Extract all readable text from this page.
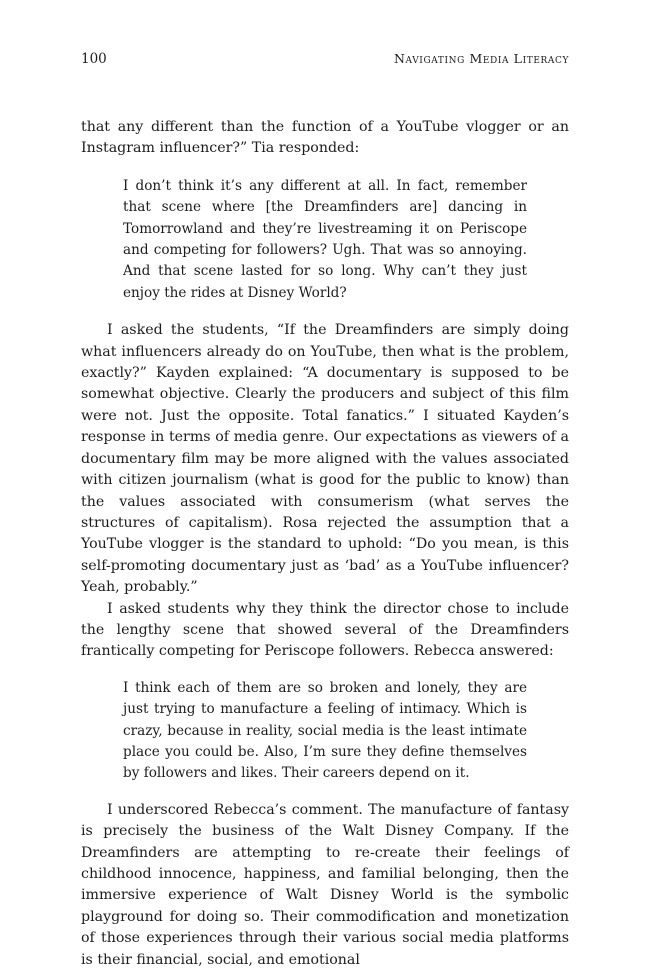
100	Navigating Media Literacy

that any different than the function of a YouTube vlogger or an Instagram influencer?” Tia responded:

I don’t think it’s any different at all. In fact, remember that scene where [the Dreamfinders are] dancing in Tomorrowland and they’re livestreaming it on Periscope and competing for followers? Ugh. That was so annoying. And that scene lasted for so long. Why can’t they just enjoy the rides at Disney World?

I asked the students, “If the Dreamfinders are simply doing what influencers already do on YouTube, then what is the problem, exactly?” Kayden explained: “A documentary is supposed to be somewhat objective. Clearly the producers and subject of this film were not. Just the opposite. Total fanatics.” I situated Kayden’s response in terms of media genre. Our expectations as viewers of a documentary film may be more aligned with the values associated with citizen journalism (what is good for the public to know) than the values associated with consumerism (what serves the structures of capitalism). Rosa rejected the assumption that a YouTube vlogger is the standard to uphold: “Do you mean, is this self-promoting documentary just as ‘bad’ as a YouTube influencer? Yeah, probably.”

I asked students why they think the director chose to include the lengthy scene that showed several of the Dreamfinders frantically competing for Periscope followers. Rebecca answered:

I think each of them are so broken and lonely, they are just trying to manufacture a feeling of intimacy. Which is crazy, because in reality, social media is the least intimate place you could be. Also, I’m sure they define themselves by followers and likes. Their careers depend on it.

I underscored Rebecca’s comment. The manufacture of fantasy is precisely the business of the Walt Disney Company. If the Dreamfinders are attempting to re-create their feelings of childhood innocence, happiness, and familial belonging, then the immersive experience of Walt Disney World is the symbolic playground for doing so. Their commodification and monetization of those experiences through their various social media platforms is their financial, social, and emotional
